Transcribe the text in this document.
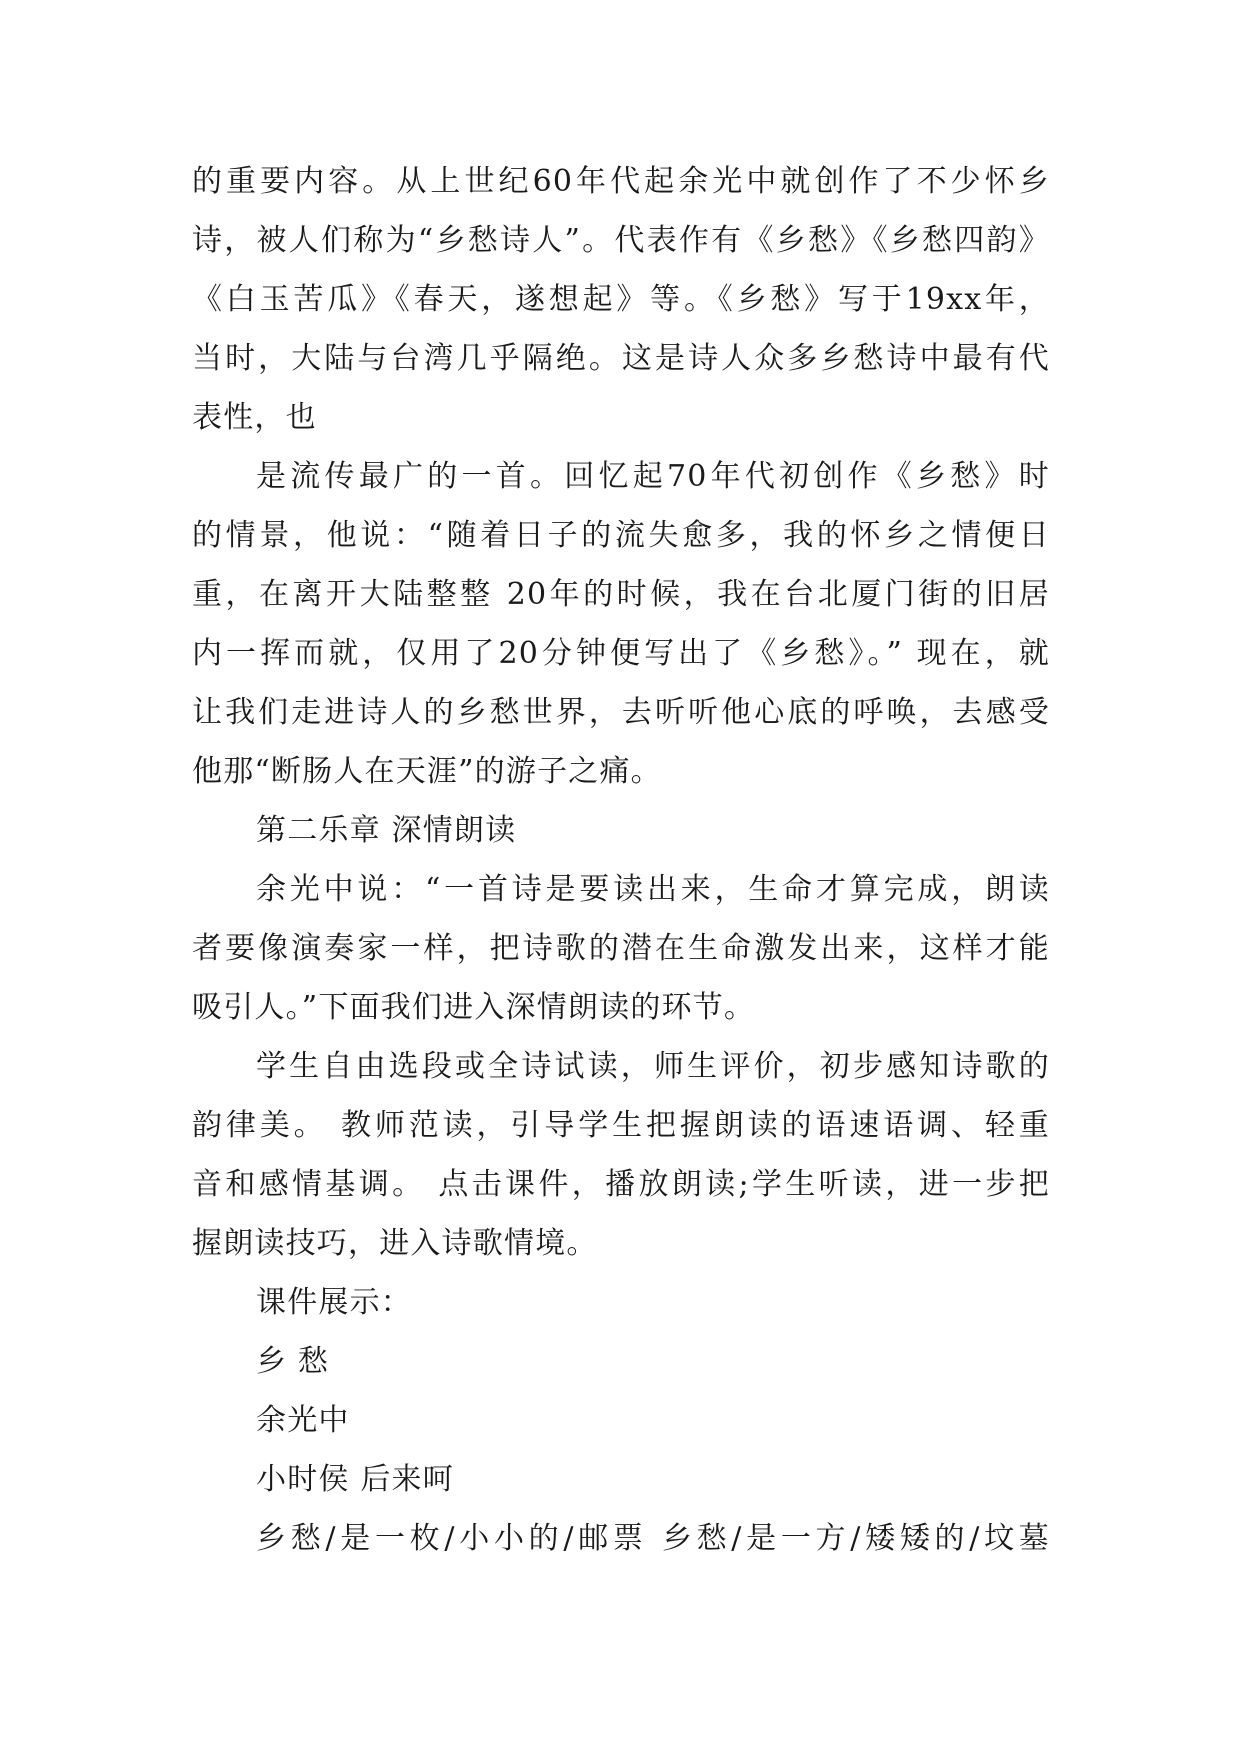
的重要内容。从上世纪60年代起余光中就创作了不少怀乡
诗，被人们称为“乡愁诗人”。代表作有《乡愁》《乡愁四韵》
《白玉苦瓜》《春天，遂想起》等。《乡愁》写于19xx年，
当时，大陆与台湾几乎隔绝。这是诗人众多乡愁诗中最有代
表性，也
是流传最广的一首。回忆起70年代初创作《乡愁》时
的情景，他说：“随着日子的流失愈多，我的怀乡之情便日
重，在离开大陆整整 20年的时候，我在台北厦门街的旧居
内一挥而就，仅用了20分钟便写出了《乡愁》。” 现在，就
让我们走进诗人的乡愁世界，去听听他心底的呼唤，去感受
他那“断肠人在天涯”的游子之痛。
第二乐章 深情朗读
余光中说：“一首诗是要读出来，生命才算完成，朗读
者要像演奏家一样，把诗歌的潜在生命激发出来，这样才能
吸引人。”下面我们进入深情朗读的环节。
学生自由选段或全诗试读，师生评价，初步感知诗歌的
韵律美。 教师范读，引导学生把握朗读的语速语调、轻重
音和感情基调。 点击课件，播放朗读;学生听读，进一步把
握朗读技巧，进入诗歌情境。
课件展示：
乡 愁
余光中
小时侯 后来呵
乡愁/是一枚/小小的/邮票 乡愁/是一方/矮矮的/坟墓
